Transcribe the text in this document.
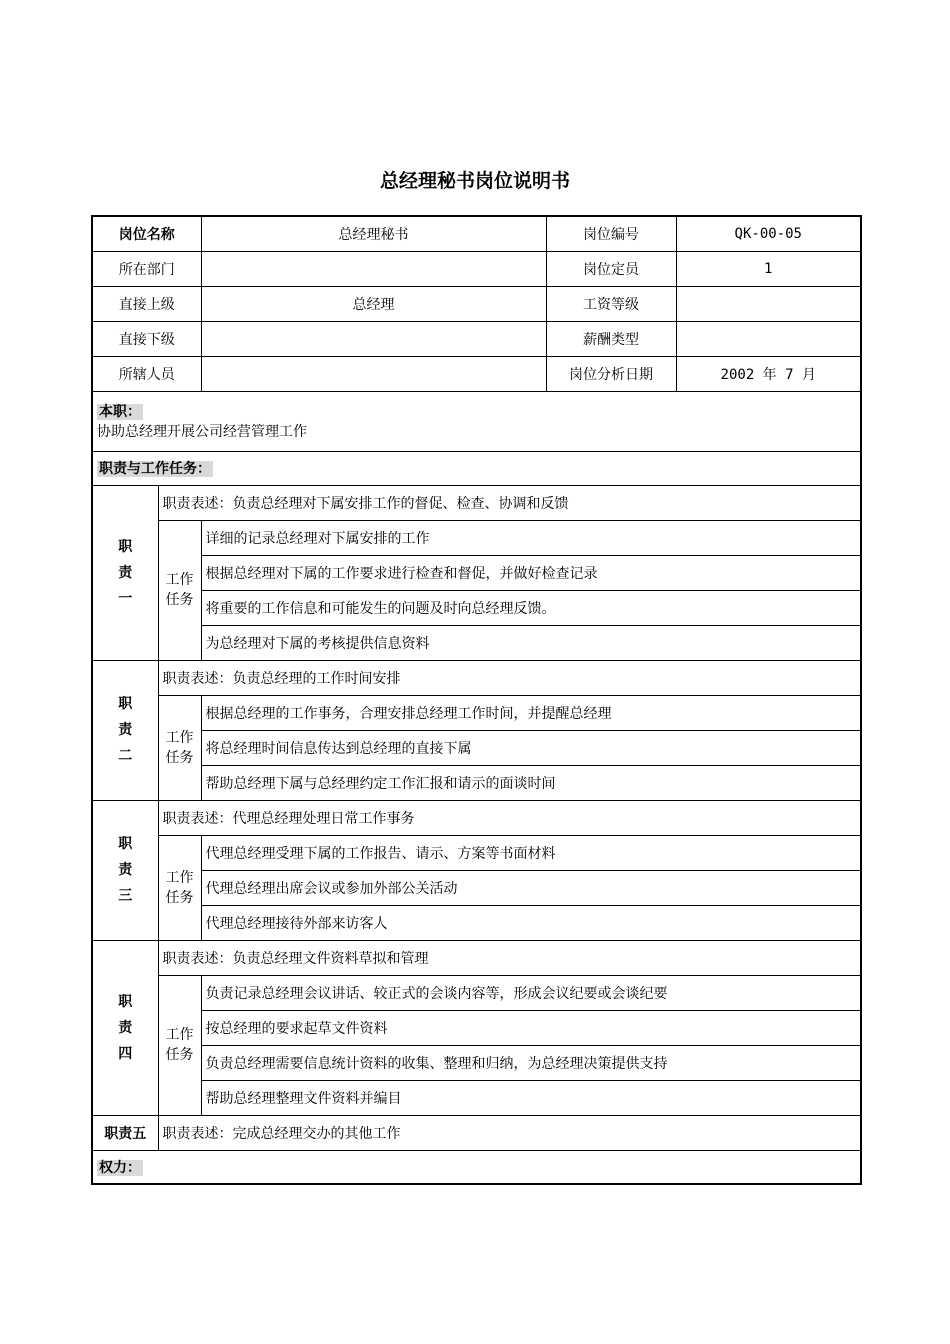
总经理秘书岗位说明书
岗位名称		总经理秘书	岗位编号	QK-00-05
所在部门			岗位定员	1
直接上级		总经理	工资等级	
直接下级			薪酬类型	
所辖人员			岗位分析日期	2002 年 7 月
本职：
协助总经理开展公司经营管理工作				
职责与工作任务：				
职责一	职责表述：负责总经理对下属安排工作的督促、检查、协调和反馈			
	工作任务	详细的记录总经理对下属安排的工作		
		根据总经理对下属的工作要求进行检查和督促，并做好检查记录		
		将重要的工作信息和可能发生的问题及时向总经理反馈。		
		为总经理对下属的考核提供信息资料		
职责二	职责表述：负责总经理的工作时间安排			
	工作任务	根据总经理的工作事务，合理安排总经理工作时间，并提醒总经理		
		将总经理时间信息传达到总经理的直接下属		
		帮助总经理下属与总经理约定工作汇报和请示的面谈时间		
职责三	职责表述：代理总经理处理日常工作事务			
	工作任务	代理总经理受理下属的工作报告、请示、方案等书面材料		
		代理总经理出席会议或参加外部公关活动		
		代理总经理接待外部来访客人		
职责四	职责表述：负责总经理文件资料草拟和管理			
	工作任务	负责记录总经理会议讲话、较正式的会谈内容等，形成会议纪要或会谈纪要		
		按总经理的要求起草文件资料		
		负责总经理需要信息统计资料的收集、整理和归纳，为总经理决策提供支持		
		帮助总经理整理文件资料并编目		
职责五	职责表述：完成总经理交办的其他工作			
权力：				
